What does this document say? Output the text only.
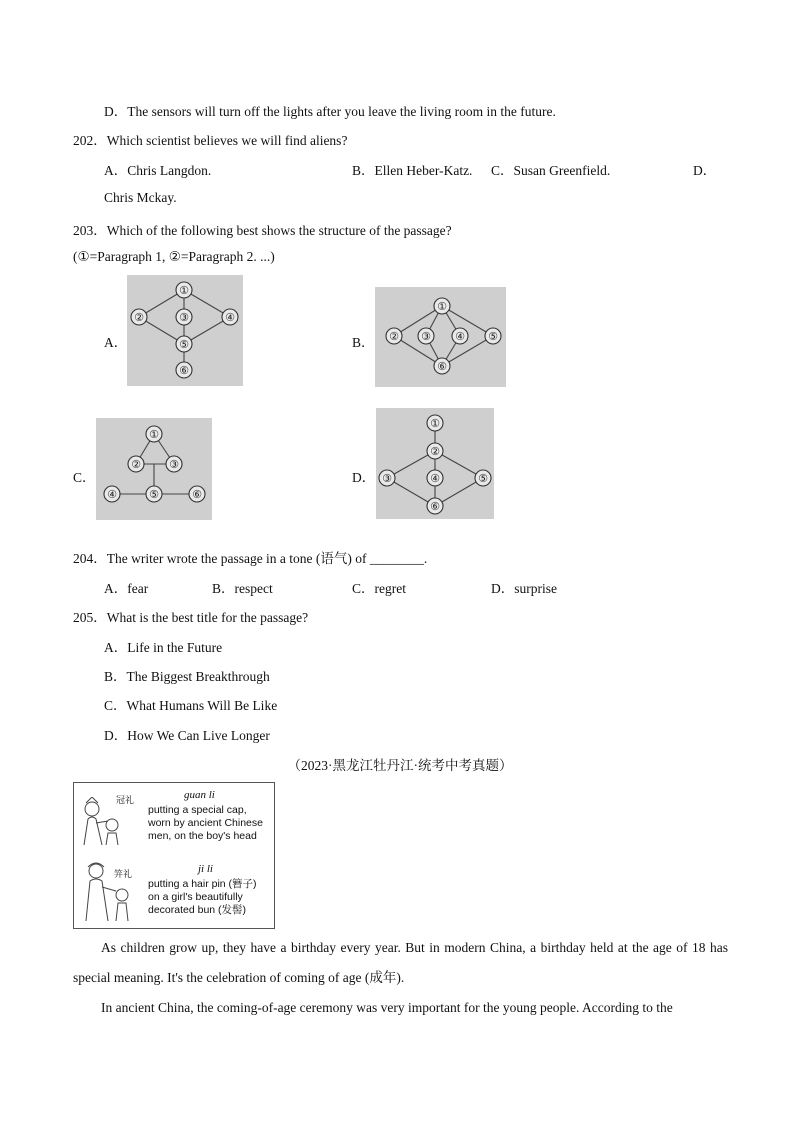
D．The sensors will turn off the lights after you leave the living room in the future.
202．Which scientist believes we will find aliens?
A．Chris Langdon.	B．Ellen Heber-Katz. C．Susan Greenfield.	D．
Chris Mckay.
203．Which of the following best shows the structure of the passage?
(①=Paragraph 1, ②=Paragraph 2. ...)
A．
①
②	③	④
⑤
⑥
B．
①
② ③ ④ ⑤
⑥
C．
①
②	③
④	⑤	⑥
D．
①
②
③	④	⑤
⑥
204．The writer wrote the passage in a tone (语气) of ________.
A．fear	B．respect	C．regret	D．surprise
205．What is the best title for the passage?
A．Life in the Future
B．The Biggest Breakthrough
C．What Humans Will Be Like
D．How We Can Live Longer
（2023·黑龙江牡丹江·统考中考真题）
冠礼	guan li
putting a special cap, worn by ancient Chinese men, on the boy's head
笄礼	ji li
putting a hair pin (簪子) on a girl's beautifully decorated bun (发髻)
As children grow up, they have a birthday every year. But in modern China, a birthday held at the age of 18 has special meaning. It's the celebration of coming of age (成年).
In ancient China, the coming-of-age ceremony was very important for the young people. According to the
